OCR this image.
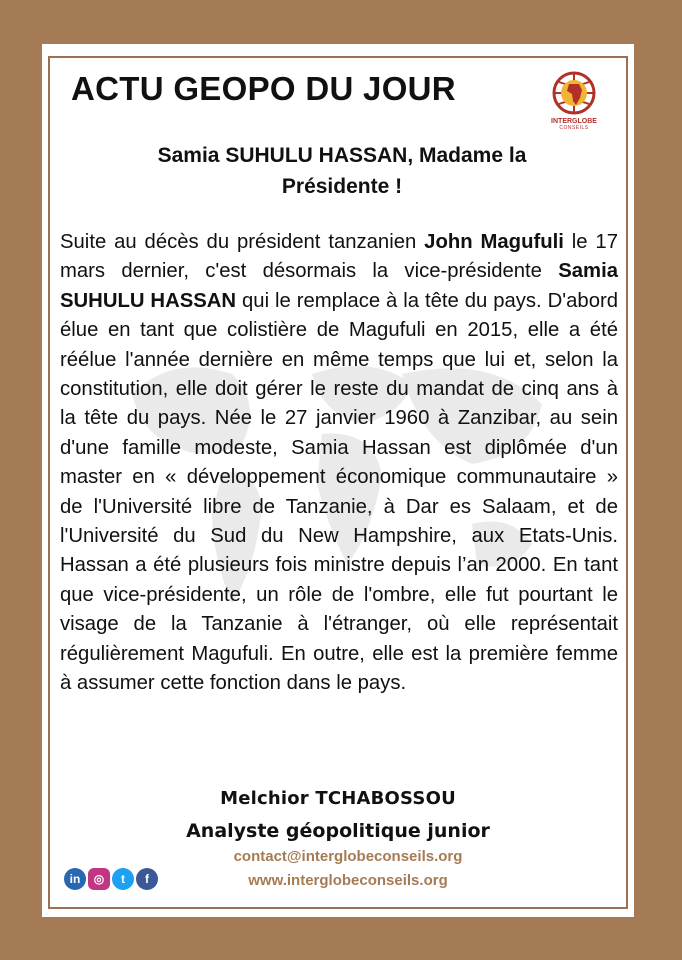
ACTU GEOPO DU JOUR
INTERGLOBE
CONSEILS
Samia SUHULU HASSAN, Madame la
Présidente !
Suite au décès du président tanzanien John Magufuli le 17 mars dernier, c'est désormais la vice-présidente Samia SUHULU HASSAN qui le remplace à la tête du pays. D'abord élue en tant que colistière de Magufuli en 2015, elle a été réélue l'année dernière en même temps que lui et, selon la constitution, elle doit gérer le reste du mandat de cinq ans à la tête du pays. Née le 27 janvier 1960 à Zanzibar, au sein d'une famille modeste, Samia Hassan est diplômée d'un master en « développement économique communautaire » de l'Université libre de Tanzanie, à Dar es Salaam, et de l'Université du Sud du New Hampshire, aux Etats-Unis. Hassan a été plusieurs fois ministre depuis l’an 2000. En tant que vice-présidente, un rôle de l'ombre, elle fut pourtant le visage de la Tanzanie à l'étranger, où elle représentait régulièrement Magufuli. En outre, elle est la première femme à assumer cette fonction dans le pays.
Melchior TCHABOSSOU
Analyste géopolitique junior
in ◎ t f
contact@interglobeconseils.org
www.interglobeconseils.org
